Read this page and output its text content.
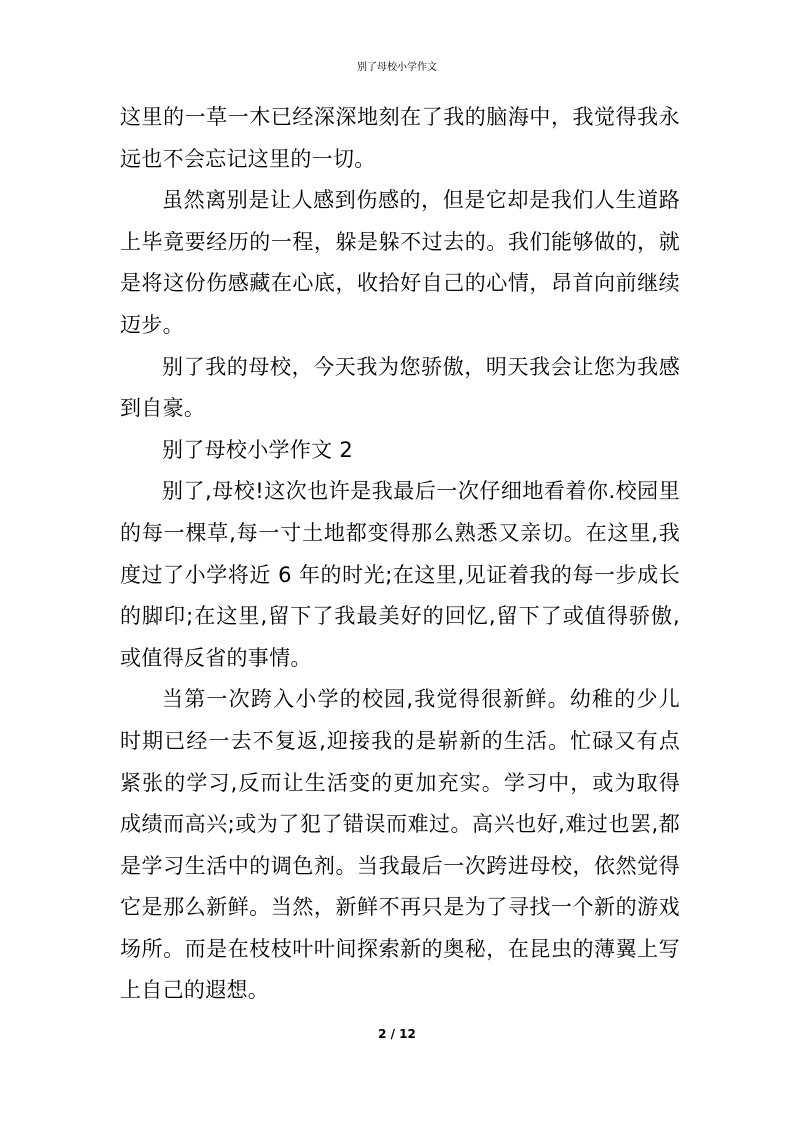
别了母校小学作文

这里的一草一木已经深深地刻在了我的脑海中，我觉得我永远也不会忘记这里的一切。

虽然离别是让人感到伤感的，但是它却是我们人生道路上毕竟要经历的一程，躲是躲不过去的。我们能够做的，就是将这份伤感藏在心底，收拾好自己的心情，昂首向前继续迈步。

别了我的母校，今天我为您骄傲，明天我会让您为我感到自豪。

别了母校小学作文 2

别了,母校!这次也许是我最后一次仔细地看着你.校园里的每一棵草,每一寸土地都变得那么熟悉又亲切。在这里,我度过了小学将近 6 年的时光;在这里,见证着我的每一步成长的脚印;在这里,留下了我最美好的回忆,留下了或值得骄傲,或值得反省的事情。

当第一次跨入小学的校园,我觉得很新鲜。幼稚的少儿时期已经一去不复返,迎接我的是崭新的生活。忙碌又有点紧张的学习,反而让生活变的更加充实。学习中，或为取得成绩而高兴;或为了犯了错误而难过。高兴也好,难过也罢,都是学习生活中的调色剂。当我最后一次跨进母校，依然觉得它是那么新鲜。当然，新鲜不再只是为了寻找一个新的游戏场所。而是在枝枝叶叶间探索新的奥秘，在昆虫的薄翼上写上自己的遐想。

2 / 12
